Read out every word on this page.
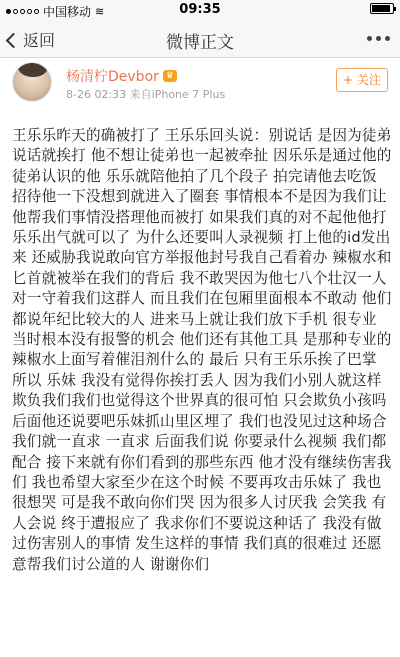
中国移动 ≋	09:35
返回	微博正文
杨清柠Devbor ♛
8-26 02:33 来自iPhone 7 Plus
+ 关注
王乐乐昨天的确被打了 王乐乐回头说：别说话 是因为徒弟说话就挨打 他不想让徒弟也一起被牵扯 因乐乐是通过他的徒弟认识的他 乐乐就陪他拍了几个段子 拍完请他去吃饭 招待他一下没想到就进入了圈套 事情根本不是因为我们让他帮我们事情没搭理他而被打 如果我们真的对不起他他打乐乐出气就可以了 为什么还要叫人录视频 打上他的id发出来 还威胁我说敢向官方举报他封号我自己看着办 辣椒水和匕首就被举在我们的背后 我不敢哭因为他七八个壮汉一人对一守着我们这群人 而且我们在包厢里面根本不敢动 他们都说年纪比较大的人 进来马上就让我们放下手机 很专业 当时根本没有报警的机会 他们还有其他工具 是那种专业的辣椒水上面写着催泪剂什么的 最后 只有王乐乐挨了巴掌 所以 乐妹 我没有觉得你挨打丢人 因为我们小别人就这样欺负我们我们也觉得这个世界真的很可怕 只会欺负小孩吗 后面他还说要吧乐妹抓山里区埋了 我们也没见过这种场合 我们就一直求 一直求 后面我们说 你要录什么视频 我们都配合 接下来就有你们看到的那些东西 他才没有继续伤害我们 我也希望大家至少在这个时候 不要再攻击乐妹了 我也很想哭 可是我不敢向你们哭 因为很多人讨厌我 会笑我 有人会说 终于遭报应了 我求你们不要说这种话了 我没有做过伤害别人的事情 发生这样的事情 我们真的很难过 还愿意帮我们讨公道的人 谢谢你们
